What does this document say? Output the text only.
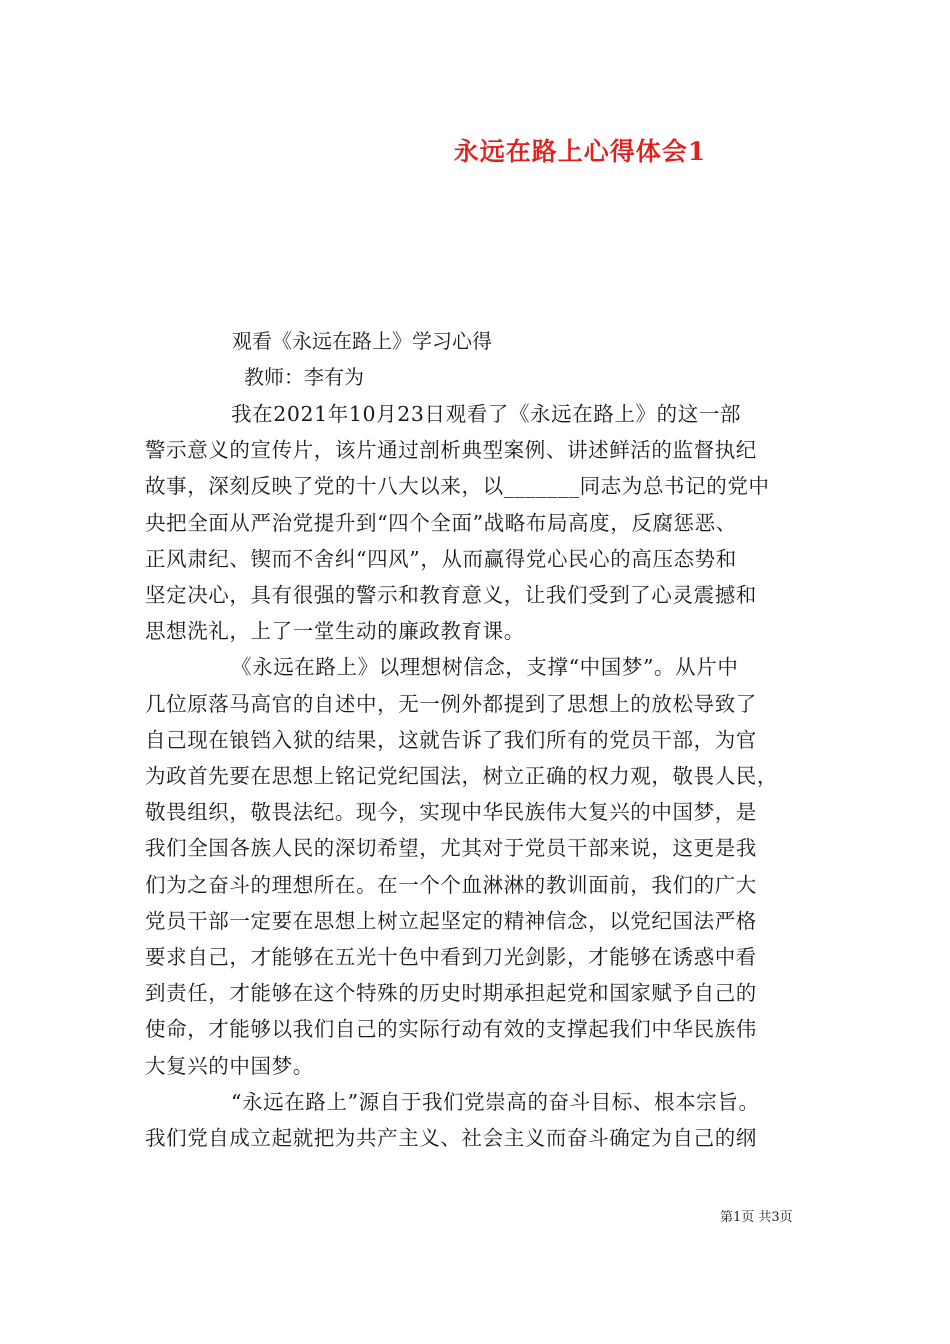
永远在路上心得体会1
观看《永远在路上》学习心得
教师：李有为

我在2021年10月23日观看了《永远在路上》的这一部
警示意义的宣传片，该片通过剖析典型案例、讲述鲜活的监督执纪
故事，深刻反映了党的十八大以来，以_______同志为总书记的党中
央把全面从严治党提升到“四个全面”战略布局高度，反腐惩恶、
正风肃纪、锲而不舍纠“四风”，从而赢得党心民心的高压态势和
坚定决心，具有很强的警示和教育意义，让我们受到了心灵震撼和
思想洗礼，上了一堂生动的廉政教育课。

《永远在路上》以理想树信念，支撑“中国梦”。从片中
几位原落马高官的自述中，无一例外都提到了思想上的放松导致了
自己现在锒铛入狱的结果，这就告诉了我们所有的党员干部，为官
为政首先要在思想上铭记党纪国法，树立正确的权力观，敬畏人民，
敬畏组织，敬畏法纪。现今，实现中华民族伟大复兴的中国梦，是
我们全国各族人民的深切希望，尤其对于党员干部来说，这更是我
们为之奋斗的理想所在。在一个个血淋淋的教训面前，我们的广大
党员干部一定要在思想上树立起坚定的精神信念，以党纪国法严格
要求自己，才能够在五光十色中看到刀光剑影，才能够在诱惑中看
到责任，才能够在这个特殊的历史时期承担起党和国家赋予自己的
使命，才能够以我们自己的实际行动有效的支撑起我们中华民族伟
大复兴的中国梦。

“永远在路上”源自于我们党崇高的奋斗目标、根本宗旨。
我们党自成立起就把为共产主义、社会主义而奋斗确定为自己的纲

第1页 共3页
